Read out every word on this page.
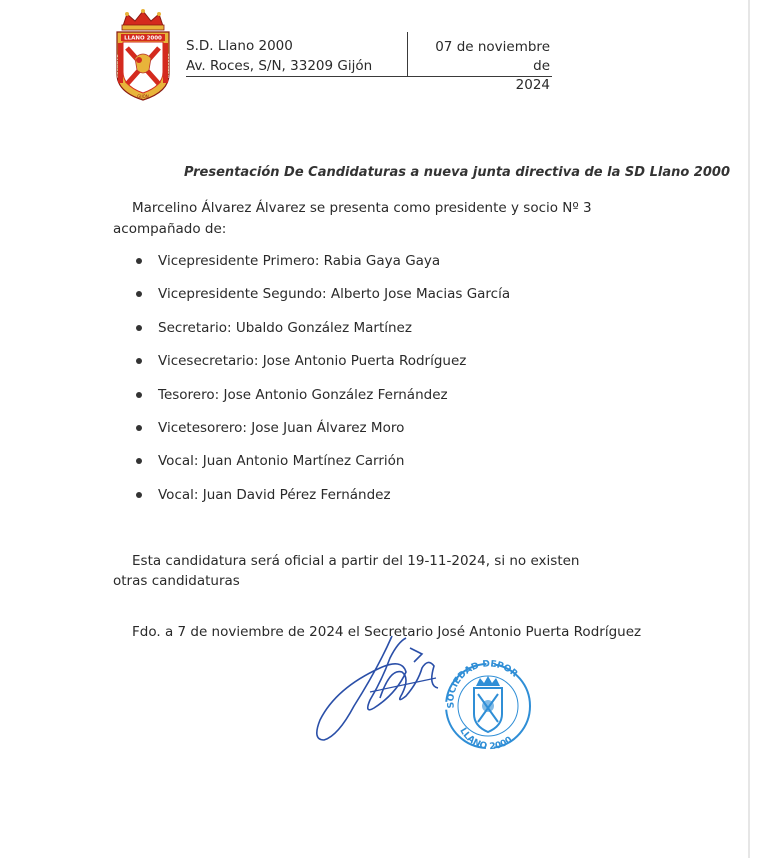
LLANO 2000
GIJÓN
S.D. Llano 2000
Av. Roces, S/N, 33209 Gijón
07 de noviembre de
2024
Presentación De Candidaturas a nueva junta directiva de la SD Llano 2000
Marcelino Álvarez Álvarez se presenta como presidente y socio Nº 3 acompañado de:
Vicepresidente Primero: Rabia Gaya Gaya
Vicepresidente Segundo: Alberto Jose Macias García
Secretario: Ubaldo González Martínez
Vicesecretario: Jose Antonio Puerta Rodríguez
Tesorero: Jose Antonio González Fernández
Vicetesorero: Jose Juan Álvarez Moro
Vocal: Juan Antonio Martínez Carrión
Vocal: Juan David Pérez Fernández
Esta candidatura será oficial a partir del 19-11-2024, si no existen otras candidaturas
Fdo. a 7 de noviembre de 2024 el Secretario José Antonio Puerta Rodríguez
SOCIEDAD DEPOR
LLANO 2000
